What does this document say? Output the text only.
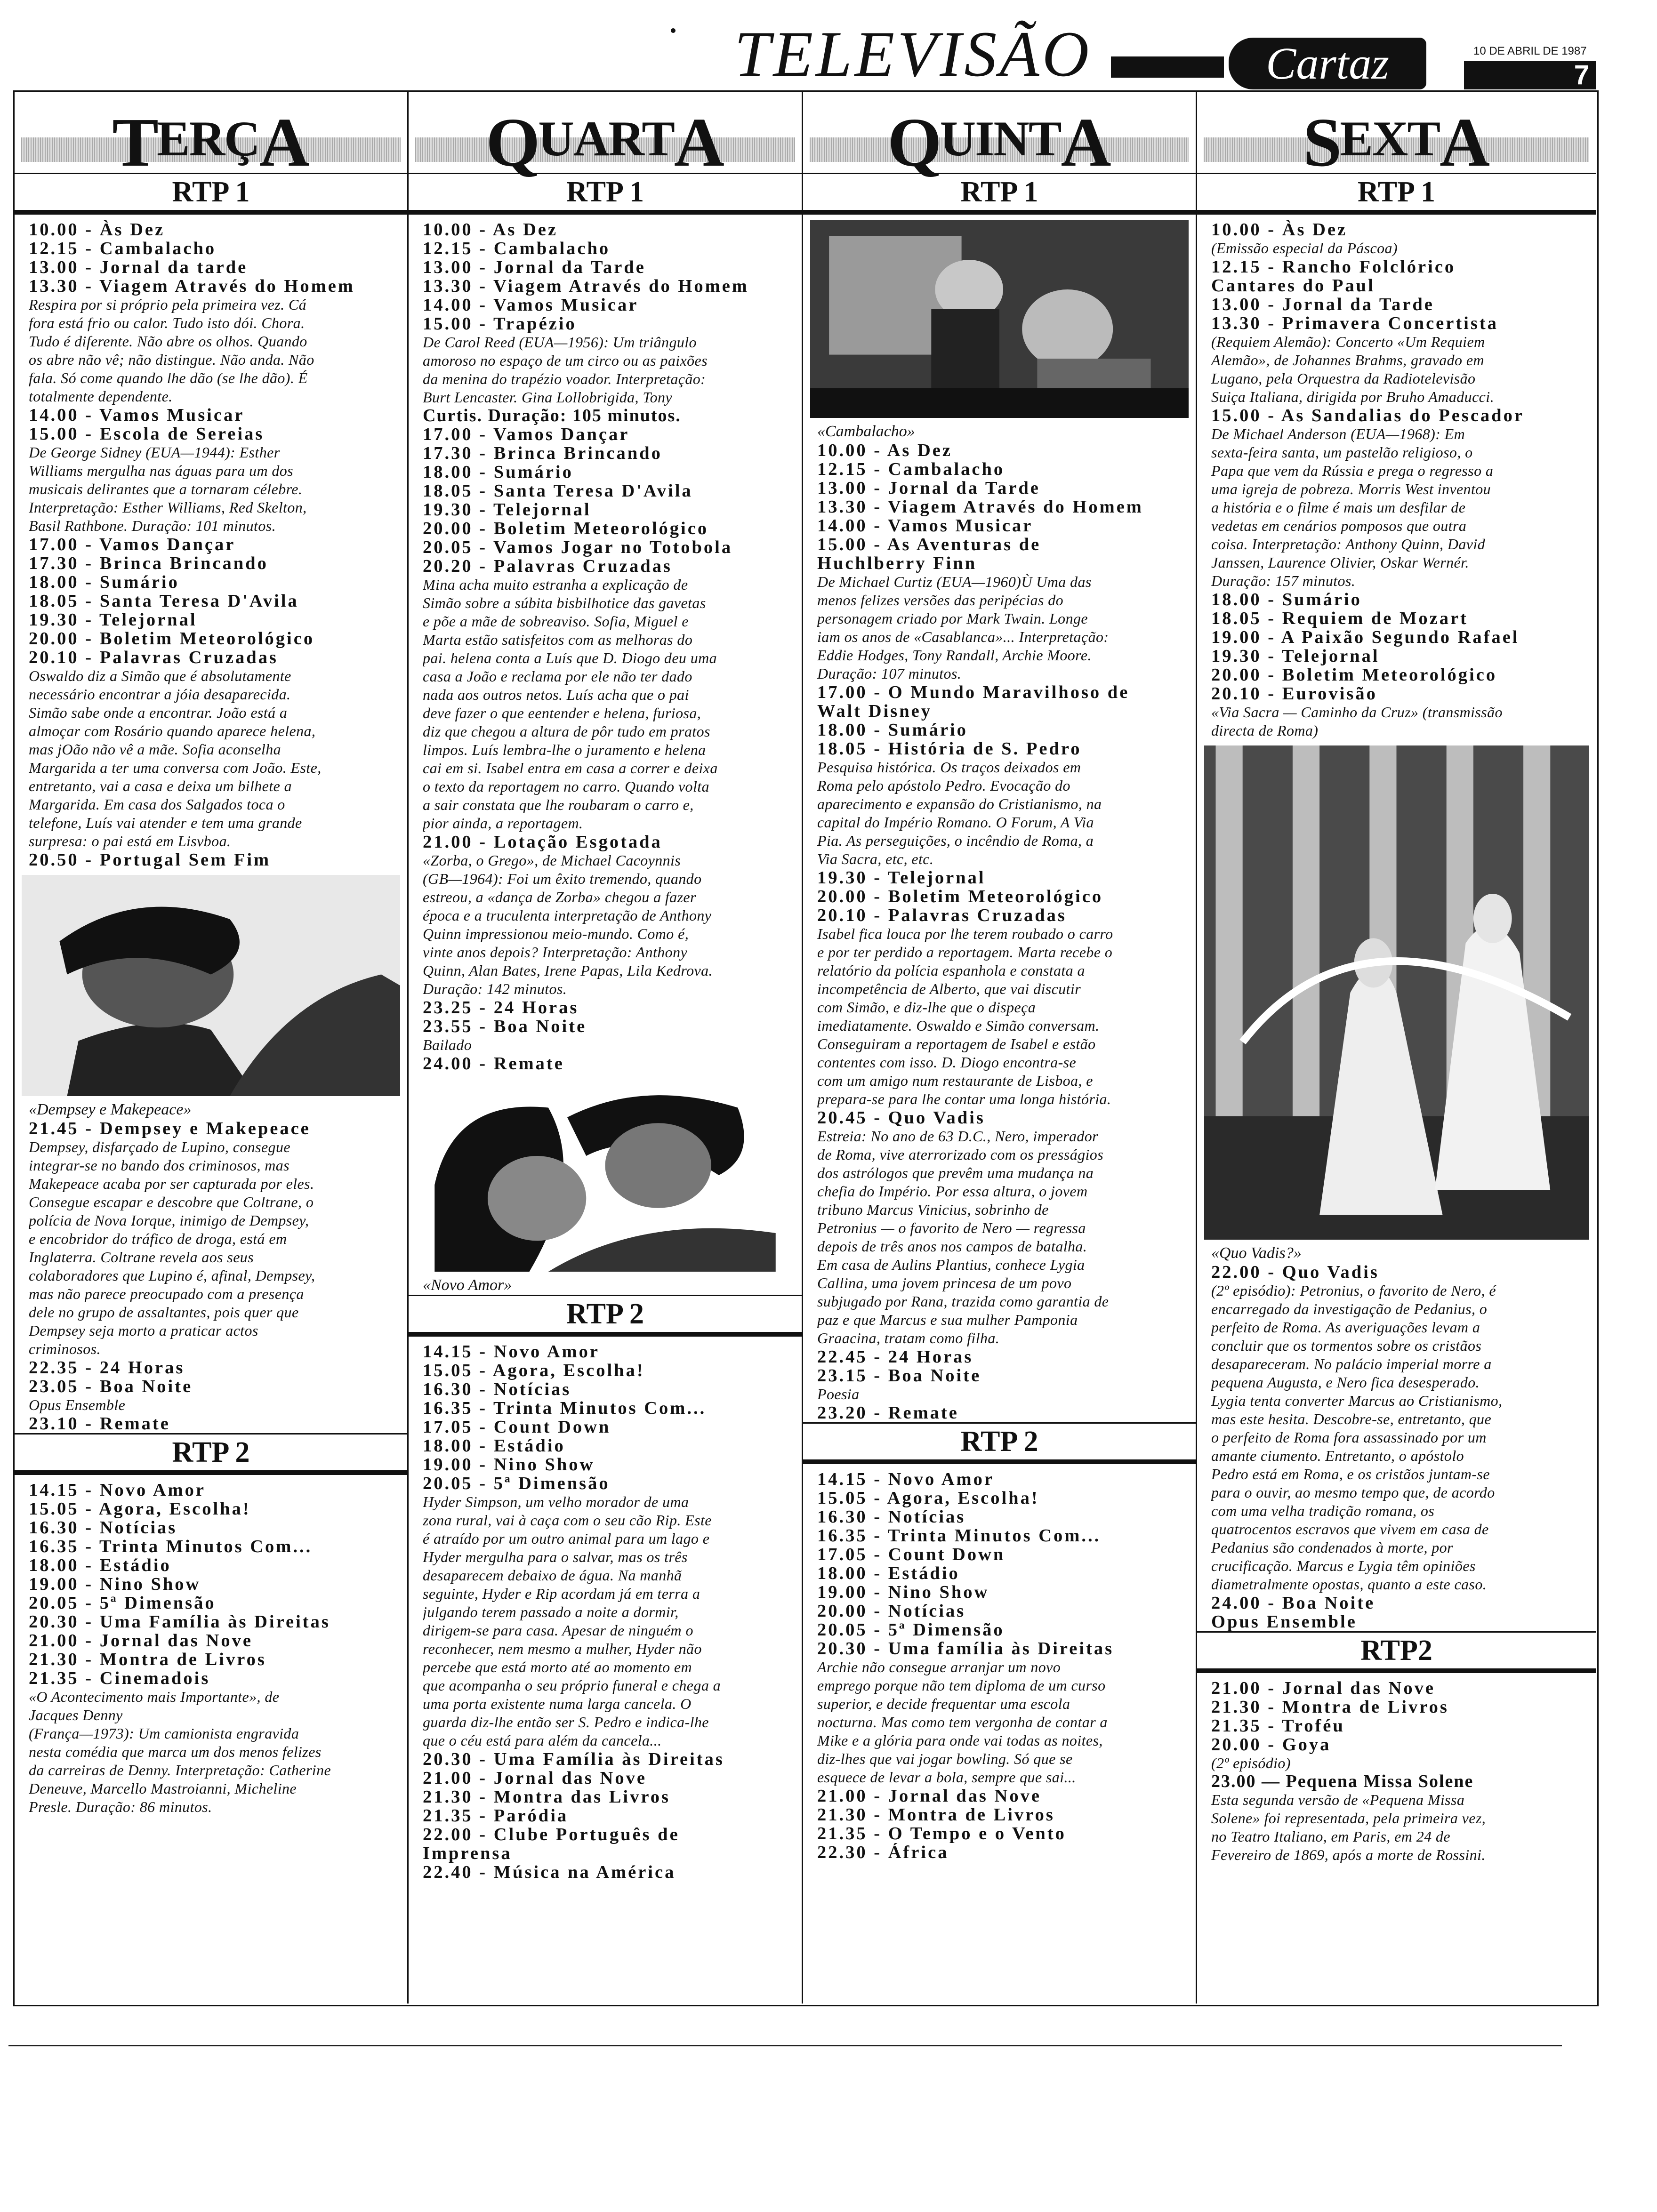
TELEVISÃO	Cartaz	10 DE ABRIL DE 1987
7
TERÇA
RTP 1
10.00 - Às Dez
12.15 - Cambalacho
13.00 - Jornal da tarde
13.30 - Viagem Através do Homem
Respira por si próprio pela primeira vez. Cá
fora está frio ou calor. Tudo isto dói. Chora.
Tudo é diferente. Não abre os olhos. Quando
os abre não vê; não distingue. Não anda. Não
fala. Só come quando lhe dão (se lhe dão). É
totalmente dependente.
14.00 - Vamos Musicar
15.00 - Escola de Sereias
De George Sidney (EUA—1944): Esther
Williams mergulha nas águas para um dos
musicais delirantes que a tornaram célebre.
Interpretação: Esther Williams, Red Skelton,
Basil Rathbone. Duração: 101 minutos.
17.00 - Vamos Dançar
17.30 - Brinca Brincando
18.00 - Sumário
18.05 - Santa Teresa D'Avila
19.30 - Telejornal
20.00 - Boletim Meteorológico
20.10 - Palavras Cruzadas
Oswaldo diz a Simão que é absolutamente
necessário encontrar a jóia desaparecida.
Simão sabe onde a encontrar. João está a
almoçar com Rosário quando aparece helena,
mas jOão não vê a mãe. Sofia aconselha
Margarida a ter uma conversa com João. Este,
entretanto, vai a casa e deixa um bilhete a
Margarida. Em casa dos Salgados toca o
telefone, Luís vai atender e tem uma grande
surpresa: o pai está em Lisvboa.
20.50 - Portugal Sem Fim
«Dempsey e Makepeace»
21.45 - Dempsey e Makepeace
Dempsey, disfarçado de Lupino, consegue
integrar-se no bando dos criminosos, mas
Makepeace acaba por ser capturada por eles.
Consegue escapar e descobre que Coltrane, o
polícia de Nova Iorque, inimigo de Dempsey,
e encobridor do tráfico de droga, está em
Inglaterra. Coltrane revela aos seus
colaboradores que Lupino é, afinal, Dempsey,
mas não parece preocupado com a presença
dele no grupo de assaltantes, pois quer que
Dempsey seja morto a praticar actos
criminosos.
22.35 - 24 Horas
23.05 - Boa Noite
Opus Ensemble
23.10 - Remate
RTP 2
14.15 - Novo Amor
15.05 - Agora, Escolha!
16.30 - Notícias
16.35 - Trinta Minutos Com...
18.00 - Estádio
19.00 - Nino Show
20.05 - 5ª Dimensão
20.30 - Uma Família às Direitas
21.00 - Jornal das Nove
21.30 - Montra de Livros
21.35 - Cinemadois
«O Acontecimento mais Importante», de
Jacques Denny
(França—1973): Um camionista engravida
nesta comédia que marca um dos menos felizes
da carreiras de Denny. Interpretação: Catherine
Deneuve, Marcello Mastroianni, Micheline
Presle. Duração: 86 minutos.
QUARTA
RTP 1
10.00 - As Dez
12.15 - Cambalacho
13.00 - Jornal da Tarde
13.30 - Viagem Através do Homem
14.00 - Vamos Musicar
15.00 - Trapézio
De Carol Reed (EUA—1956): Um triângulo
amoroso no espaço de um circo ou as paixões
da menina do trapézio voador. Interpretação:
Burt Lencaster. Gina Lollobrigida, Tony
Curtis. Duração: 105 minutos.
17.00 - Vamos Dançar
17.30 - Brinca Brincando
18.00 - Sumário
18.05 - Santa Teresa D'Avila
19.30 - Telejornal
20.00 - Boletim Meteorológico
20.05 - Vamos Jogar no Totobola
20.20 - Palavras Cruzadas
Mina acha muito estranha a explicação de
Simão sobre a súbita bisbilhotice das gavetas
e põe a mãe de sobreaviso. Sofia, Miguel e
Marta estão satisfeitos com as melhoras do
pai. helena conta a Luís que D. Diogo deu uma
casa a João e reclama por ele não ter dado
nada aos outros netos. Luís acha que o pai
deve fazer o que eentender e helena, furiosa,
diz que chegou a altura de pôr tudo em pratos
limpos. Luís lembra-lhe o juramento e helena
cai em si. Isabel entra em casa a correr e deixa
o texto da reportagem no carro. Quando volta
a sair constata que lhe roubaram o carro e,
pior ainda, a reportagem.
21.00 - Lotação Esgotada
«Zorba, o Grego», de Michael Cacoynnis
(GB—1964): Foi um êxito tremendo, quando
estreou, a «dança de Zorba» chegou a fazer
época e a truculenta interpretação de Anthony
Quinn impressionou meio-mundo. Como é,
vinte anos depois? Interpretação: Anthony
Quinn, Alan Bates, Irene Papas, Lila Kedrova.
Duração: 142 minutos.
23.25 - 24 Horas
23.55 - Boa Noite
Bailado
24.00 - Remate
«Novo Amor»
RTP 2
14.15 - Novo Amor
15.05 - Agora, Escolha!
16.30 - Notícias
16.35 - Trinta Minutos Com...
17.05 - Count Down
18.00 - Estádio
19.00 - Nino Show
20.05 - 5ª Dimensão
Hyder Simpson, um velho morador de uma
zona rural, vai à caça com o seu cão Rip. Este
é atraído por um outro animal para um lago e
Hyder mergulha para o salvar, mas os três
desaparecem debaixo de água. Na manhã
seguinte, Hyder e Rip acordam já em terra a
julgando terem passado a noite a dormir,
dirigem-se para casa. Apesar de ninguém o
reconhecer, nem mesmo a mulher, Hyder não
percebe que está morto até ao momento em
que acompanha o seu próprio funeral e chega a
uma porta existente numa larga cancela. O
guarda diz-lhe então ser S. Pedro e indica-lhe
que o céu está para além da cancela...
20.30 - Uma Família às Direitas
21.00 - Jornal das Nove
21.30 - Montra das Livros
21.35 - Paródia
22.00 - Clube Português de
Imprensa
22.40 - Música na América
QUINTA
RTP 1
«Cambalacho»
10.00 - As Dez
12.15 - Cambalacho
13.00 - Jornal da Tarde
13.30 - Viagem Através do Homem
14.00 - Vamos Musicar
15.00 - As Aventuras de
Huchlberry Finn
De Michael Curtiz (EUA—1960)Ù Uma das
menos felizes versões das peripécias do
personagem criado por Mark Twain. Longe
iam os anos de «Casablanca»... Interpretação:
Eddie Hodges, Tony Randall, Archie Moore.
Duração: 107 minutos.
17.00 - O Mundo Maravilhoso de
Walt Disney
18.00 - Sumário
18.05 - História de S. Pedro
Pesquisa histórica. Os traços deixados em
Roma pelo apóstolo Pedro. Evocação do
aparecimento e expansão do Cristianismo, na
capital do Império Romano. O Forum, A Via
Pia. As perseguições, o incêndio de Roma, a
Via Sacra, etc, etc.
19.30 - Telejornal
20.00 - Boletim Meteorológico
20.10 - Palavras Cruzadas
Isabel fica louca por lhe terem roubado o carro
e por ter perdido a reportagem. Marta recebe o
relatório da polícia espanhola e constata a
incompetência de Alberto, que vai discutir
com Simão, e diz-lhe que o dispeça
imediatamente. Oswaldo e Simão conversam.
Conseguiram a reportagem de Isabel e estão
contentes com isso. D. Diogo encontra-se
com um amigo num restaurante de Lisboa, e
prepara-se para lhe contar uma longa história.
20.45 - Quo Vadis
Estreia: No ano de 63 D.C., Nero, imperador
de Roma, vive aterrorizado com os presságios
dos astrólogos que prevêm uma mudança na
chefia do Império. Por essa altura, o jovem
tribuno Marcus Vinicius, sobrinho de
Petronius — o favorito de Nero — regressa
depois de três anos nos campos de batalha.
Em casa de Aulins Plantius, conhece Lygia
Callina, uma jovem princesa de um povo
subjugado por Rana, trazida como garantia de
paz e que Marcus e sua mulher Pamponia
Graacina, tratam como filha.
22.45 - 24 Horas
23.15 - Boa Noite
Poesia
23.20 - Remate
RTP 2
14.15 - Novo Amor
15.05 - Agora, Escolha!
16.30 - Notícias
16.35 - Trinta Minutos Com...
17.05 - Count Down
18.00 - Estádio
19.00 - Nino Show
20.00 - Notícias
20.05 - 5ª Dimensão
20.30 - Uma família às Direitas
Archie não consegue arranjar um novo
emprego porque não tem diploma de um curso
superior, e decide frequentar uma escola
nocturna. Mas como tem vergonha de contar a
Mike e a glória para onde vai todas as noites,
diz-lhes que vai jogar bowling. Só que se
esquece de levar a bola, sempre que sai...
21.00 - Jornal das Nove
21.30 - Montra de Livros
21.35 - O Tempo e o Vento
22.30 - África
SEXTA
RTP 1
10.00 - Às Dez
(Emissão especial da Páscoa)
12.15 - Rancho Folclórico
Cantares do Paul
13.00 - Jornal da Tarde
13.30 - Primavera Concertista
(Requiem Alemão): Concerto «Um Requiem
Alemão», de Johannes Brahms, gravado em
Lugano, pela Orquestra da Radiotelevisão
Suiça Italiana, dirigida por Bruho Amaducci.
15.00 - As Sandalias do Pescador
De Michael Anderson (EUA—1968): Em
sexta-feira santa, um pastelão religioso, o
Papa que vem da Rússia e prega o regresso a
uma igreja de pobreza. Morris West inventou
a história e o filme é mais um desfilar de
vedetas em cenários pomposos que outra
coisa. Interpretação: Anthony Quinn, David
Janssen, Laurence Olivier, Oskar Wernér.
Duração: 157 minutos.
18.00 - Sumário
18.05 - Requiem de Mozart
19.00 - A Paixão Segundo Rafael
19.30 - Telejornal
20.00 - Boletim Meteorológico
20.10 - Eurovisão
«Via Sacra — Caminho da Cruz» (transmissão
directa de Roma)
«Quo Vadis?»
22.00 - Quo Vadis
(2º episódio): Petronius, o favorito de Nero, é
encarregado da investigação de Pedanius, o
perfeito de Roma. As averiguações levam a
concluir que os tormentos sobre os cristãos
desapareceram. No palácio imperial morre a
pequena Augusta, e Nero fica desesperado.
Lygia tenta converter Marcus ao Cristianismo,
mas este hesita. Descobre-se, entretanto, que
o perfeito de Roma fora assassinado por um
amante ciumento. Entretanto, o apóstolo
Pedro está em Roma, e os cristãos juntam-se
para o ouvir, ao mesmo tempo que, de acordo
com uma velha tradição romana, os
quatrocentos escravos que vivem em casa de
Pedanius são condenados à morte, por
crucificação. Marcus e Lygia têm opiniões
diametralmente opostas, quanto a este caso.
24.00 - Boa Noite
Opus Ensemble
RTP2
21.00 - Jornal das Nove
21.30 - Montra de Livros
21.35 - Troféu
20.00 - Goya
(2º episódio)
23.00 — Pequena Missa Solene
Esta segunda versão de «Pequena Missa
Solene» foi representada, pela primeira vez,
no Teatro Italiano, em Paris, em 24 de
Fevereiro de 1869, após a morte de Rossini.
